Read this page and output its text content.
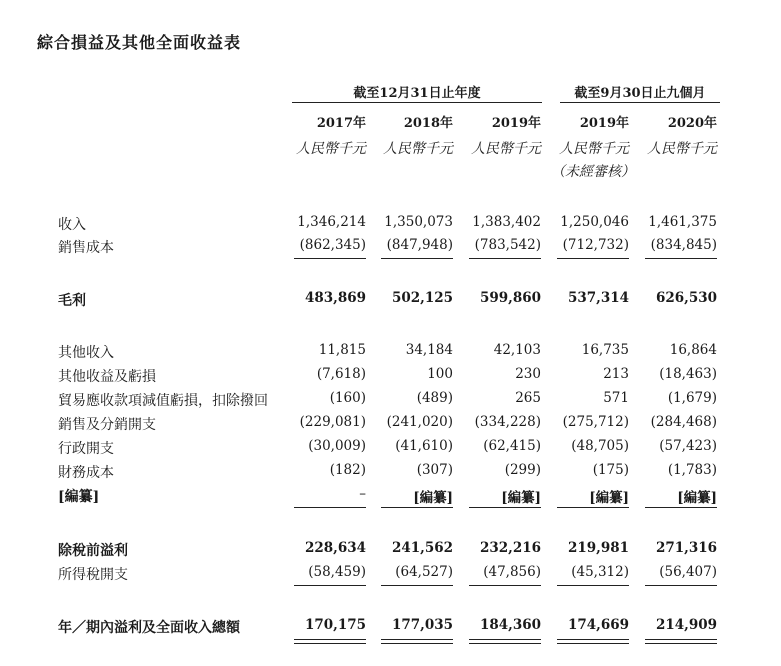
綜合損益及其他全面收益表
截至12月31日止年度	截至9月30日止九個月
2017年	2018年	2019年	2019年	2020年
人民幣千元	人民幣千元	人民幣千元	人民幣千元	人民幣千元
（未經審核）
收入	1,346,214	1,350,073	1,383,402	1,250,046	1,461,375
銷售成本	(862,345)	(847,948)	(783,542)	(712,732)	(834,845)
毛利	483,869	502,125	599,860	537,314	626,530
其他收入	11,815	34,184	42,103	16,735	16,864
其他收益及虧損	(7,618)	100	230	213	(18,463)
貿易應收款項減值虧損，扣除撥回	(160)	(489)	265	571	(1,679)
銷售及分銷開支	(229,081)	(241,020)	(334,228)	(275,712)	(284,468)
行政開支	(30,009)	(41,610)	(62,415)	(48,705)	(57,423)
財務成本	(182)	(307)	(299)	(175)	(1,783)
[編纂]	–	[編纂]	[編纂]	[編纂]	[編纂]
除稅前溢利	228,634	241,562	232,216	219,981	271,316
所得稅開支	(58,459)	(64,527)	(47,856)	(45,312)	(56,407)
年／期內溢利及全面收入總額	170,175	177,035	184,360	174,669	214,909
